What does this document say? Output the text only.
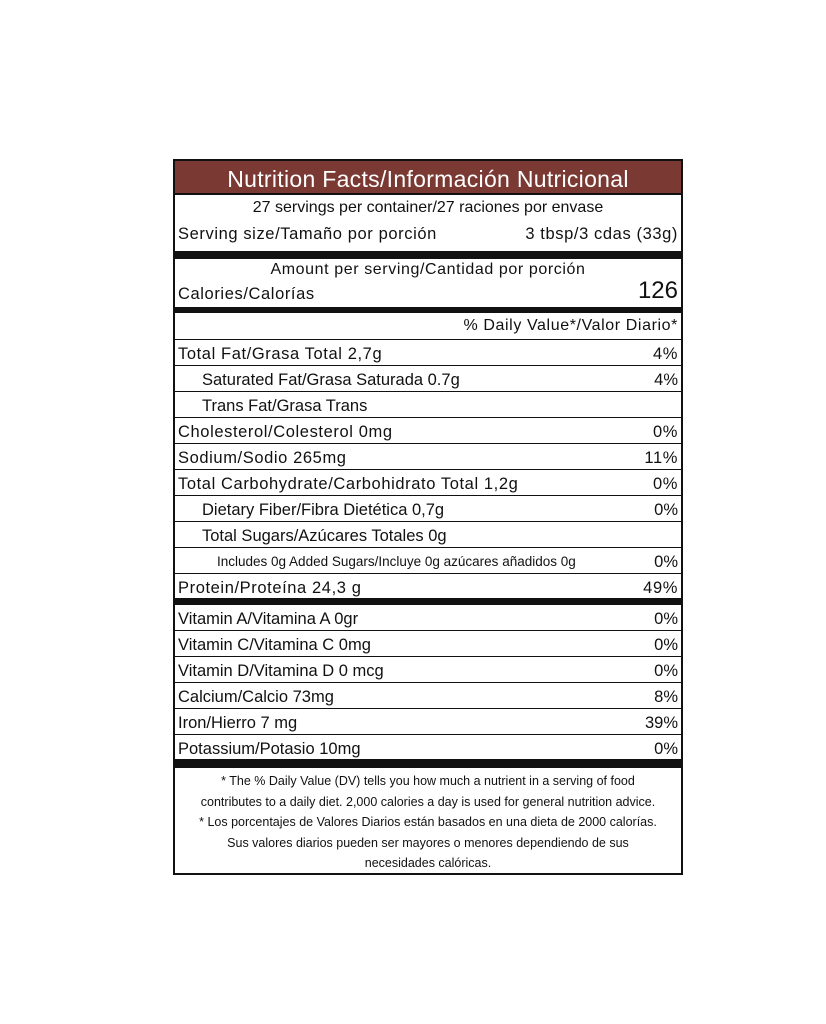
Nutrition Facts/Información Nutricional
27 servings per container/27 raciones por envase
Serving size/Tamaño por porción	3 tbsp/3 cdas (33g)
Amount per serving/Cantidad por porción
Calories/Calorías	126
% Daily Value*/Valor Diario*
Total Fat/Grasa Total 2,7g	4%
Saturated Fat/Grasa Saturada 0.7g	4%
Trans Fat/Grasa Trans
Cholesterol/Colesterol 0mg	0%
Sodium/Sodio 265mg	11%
Total Carbohydrate/Carbohidrato Total 1,2g	0%
Dietary Fiber/Fibra Dietética 0,7g	0%
Total Sugars/Azúcares Totales 0g
Includes 0g Added Sugars/Incluye 0g azúcares añadidos 0g	0%
Protein/Proteína 24,3 g	49%
Vitamin A/Vitamina A 0gr	0%
Vitamin C/Vitamina C 0mg	0%
Vitamin D/Vitamina D 0 mcg	0%
Calcium/Calcio 73mg	8%
Iron/Hierro 7 mg	39%
Potassium/Potasio 10mg	0%
* The % Daily Value (DV) tells you how much a nutrient in a serving of food
contributes to a daily diet. 2,000 calories a day is used for general nutrition advice.
* Los porcentajes de Valores Diarios están basados en una dieta de 2000 calorías.
Sus valores diarios pueden ser mayores o menores dependiendo de sus
necesidades calóricas.
